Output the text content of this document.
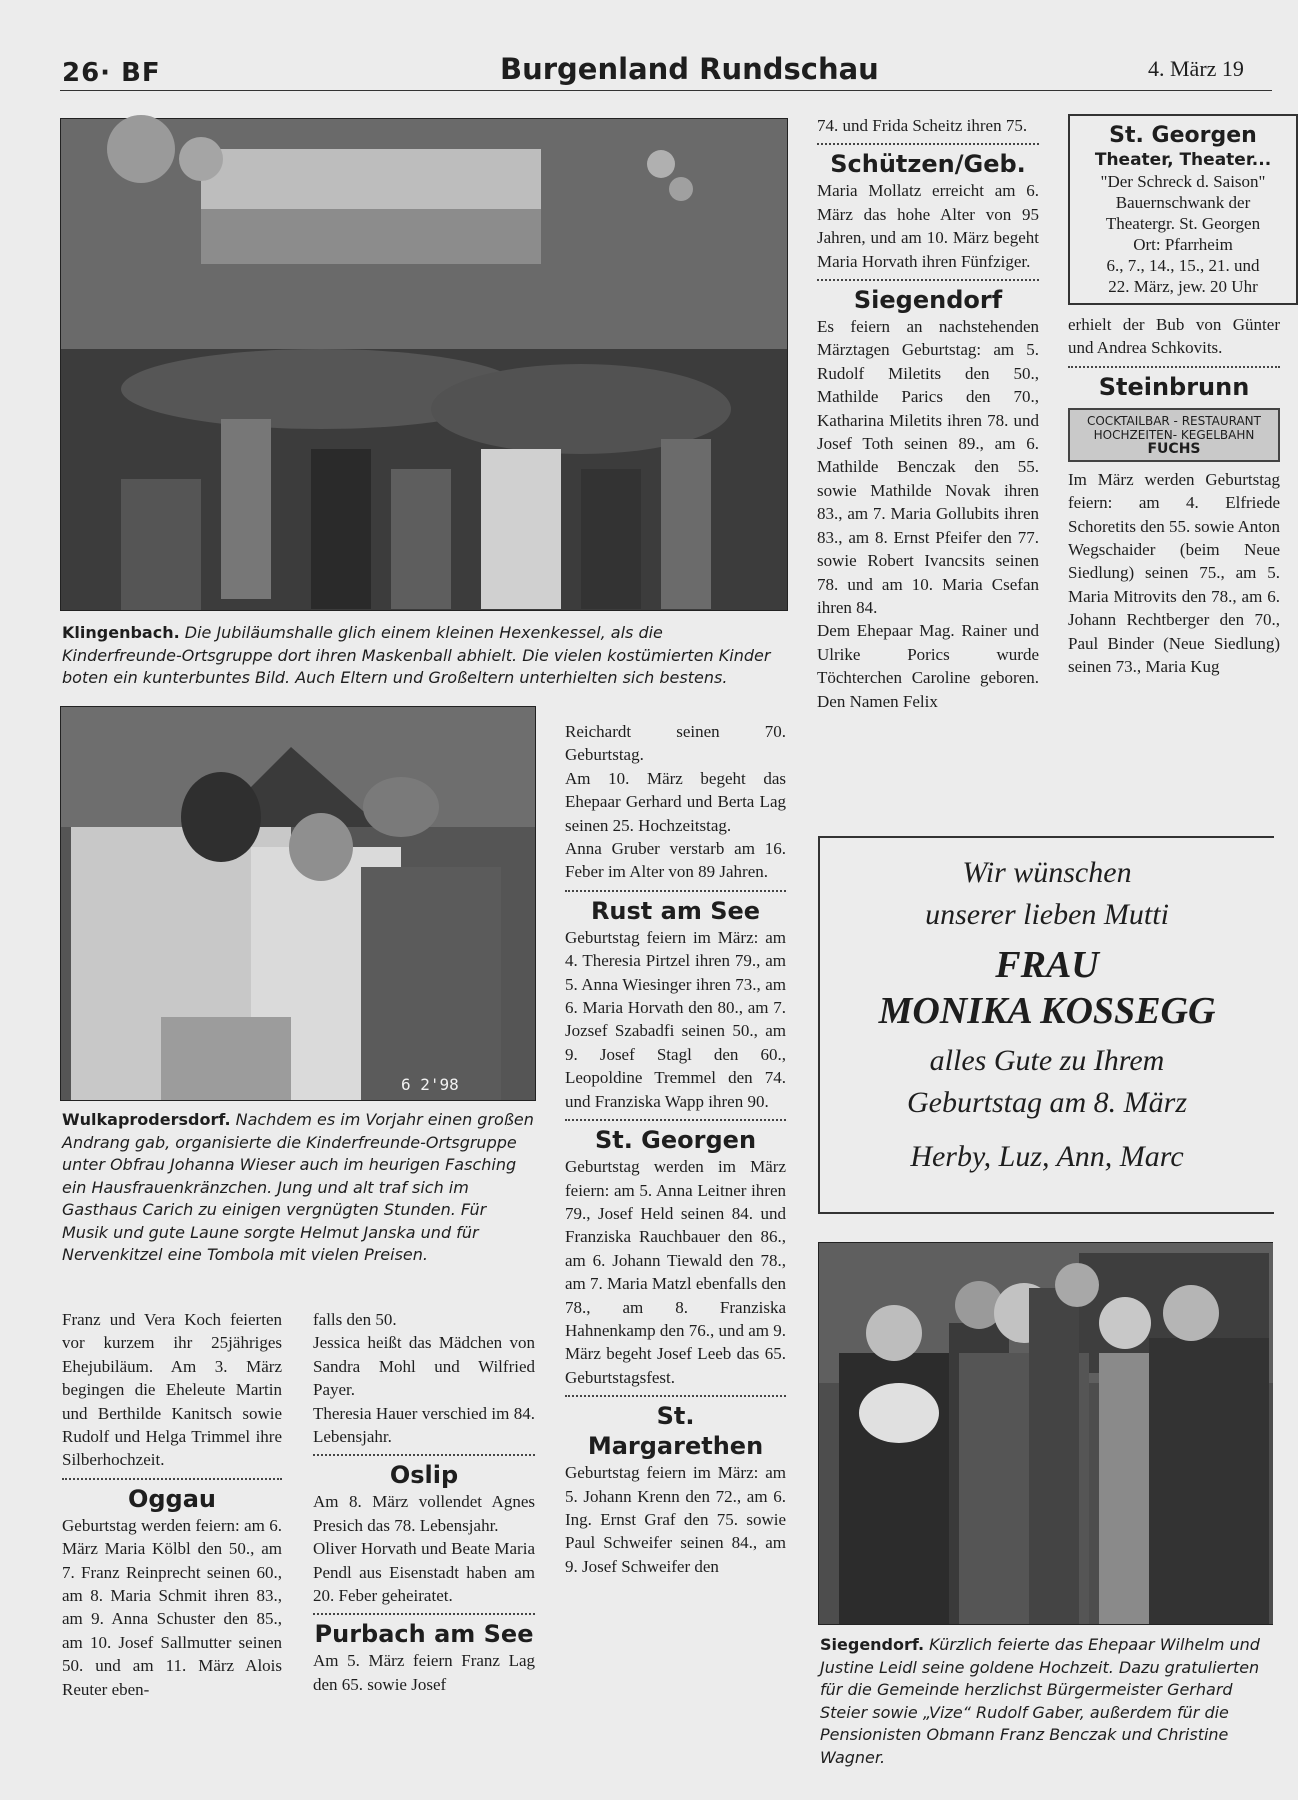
26· BF	Burgenland Rundschau	4. März 19
Klingenbach. Die Jubiläumshalle glich einem kleinen Hexenkessel, als die Kinderfreunde-Ortsgruppe dort ihren Maskenball abhielt. Die vielen kostümierten Kinder boten ein kunterbuntes Bild. Auch Eltern und Großeltern unterhielten sich bestens.
6 2'98
Wulkaprodersdorf. Nachdem es im Vorjahr einen großen Andrang gab, organisierte die Kinderfreunde-Ortsgruppe unter Obfrau Johanna Wieser auch im heurigen Fasching ein Hausfrauenkränzchen. Jung und alt traf sich im Gasthaus Carich zu einigen vergnügten Stunden. Für Musik und gute Laune sorgte Helmut Janska und für Nervenkitzel eine Tombola mit vielen Preisen.

Franz und Vera Koch feierten vor kurzem ihr 25jähriges Ehejubiläum. Am 3. März begingen die Eheleute Martin und Berthilde Kanitsch sowie Rudolf und Helga Trimmel ihre Silberhochzeit.

Oggau

Geburtstag werden feiern: am 6. März Maria Kölbl den 50., am 7. Franz Reinprecht seinen 60., am 8. Maria Schmit ihren 83., am 9. Anna Schuster den 85., am 10. Josef Sallmutter seinen 50. und am 11. März Alois Reuter eben-

falls den 50.

Jessica heißt das Mädchen von Sandra Mohl und Wilfried Payer.

Theresia Hauer verschied im 84. Lebensjahr.

Oslip

Am 8. März vollendet Agnes Presich das 78. Lebensjahr.

Oliver Horvath und Beate Maria Pendl aus Eisenstadt haben am 20. Feber geheiratet.

Purbach am See

Am 5. März feiern Franz Lag den 65. sowie Josef

Reichardt seinen 70. Geburtstag.

Am 10. März begeht das Ehepaar Gerhard und Berta Lag seinen 25. Hochzeitstag.

Anna Gruber verstarb am 16. Feber im Alter von 89 Jahren.

Rust am See

Geburtstag feiern im März: am 4. Theresia Pirtzel ihren 79., am 5. Anna Wiesinger ihren 73., am 6. Maria Horvath den 80., am 7. Jozsef Szabadfi seinen 50., am 9. Josef Stagl den 60., Leopoldine Tremmel den 74. und Franziska Wapp ihren 90.

St. Georgen

Geburtstag werden im März feiern: am 5. Anna Leitner ihren 79., Josef Held seinen 84. und Franziska Rauchbauer den 86., am 6. Johann Tiewald den 78., am 7. Maria Matzl ebenfalls den 78., am 8. Franziska Hahnenkamp den 76., und am 9. März begeht Josef Leeb das 65. Geburtstagsfest.

St. Margarethen

Geburtstag feiern im März: am 5. Johann Krenn den 72., am 6. Ing. Ernst Graf den 75. sowie Paul Schweifer seinen 84., am 9. Josef Schweifer den

74. und Frida Scheitz ihren 75.

Schützen/Geb.

Maria Mollatz erreicht am 6. März das hohe Alter von 95 Jahren, und am 10. März begeht Maria Horvath ihren Fünfziger.

Siegendorf

Es feiern an nachstehenden Märztagen Geburtstag: am 5. Rudolf Miletits den 50., Mathilde Parics den 70., Katharina Miletits ihren 78. und Josef Toth seinen 89., am 6. Mathilde Benczak den 55. sowie Mathilde Novak ihren 83., am 7. Maria Gollubits ihren 83., am 8. Ernst Pfeifer den 77. sowie Robert Ivancsits seinen 78. und am 10. Maria Csefan ihren 84.

Dem Ehepaar Mag. Rainer und Ulrike Porics wurde Töchterchen Caroline geboren. Den Namen Felix

St. Georgen
Theater, Theater...
"Der Schreck d. Saison"
Bauernschwank der
Theatergr. St. Georgen
Ort: Pfarrheim
6., 7., 14., 15., 21. und
22. März, jew. 20 Uhr

erhielt der Bub von Günter und Andrea Schkovits.

Steinbrunn
COCKTAILBAR - RESTAURANT
HOCHZEITEN- KEGELBAHN
FUCHS

Im März werden Geburtstag feiern: am 4. Elfriede Schoretits den 55. sowie Anton Wegschaider (beim Neue Siedlung) seinen 75., am 5. Maria Mitrovits den 78., am 6. Johann Rechtberger den 70., Paul Binder (Neue Siedlung) seinen 73., Maria Kug

Wir wünschen
unserer lieben Mutti
FRAU
MONIKA KOSSEGG
alles Gute zu Ihrem
Geburtstag am 8. März
Herby, Luz, Ann, Marc
Siegendorf. Kürzlich feierte das Ehepaar Wilhelm und Justine Leidl seine goldene Hochzeit. Dazu gratulierten für die Gemeinde herzlichst Bürgermeister Gerhard Steier sowie „Vize“ Rudolf Gaber, außerdem für die Pensionisten Obmann Franz Benczak und Christine Wagner.
